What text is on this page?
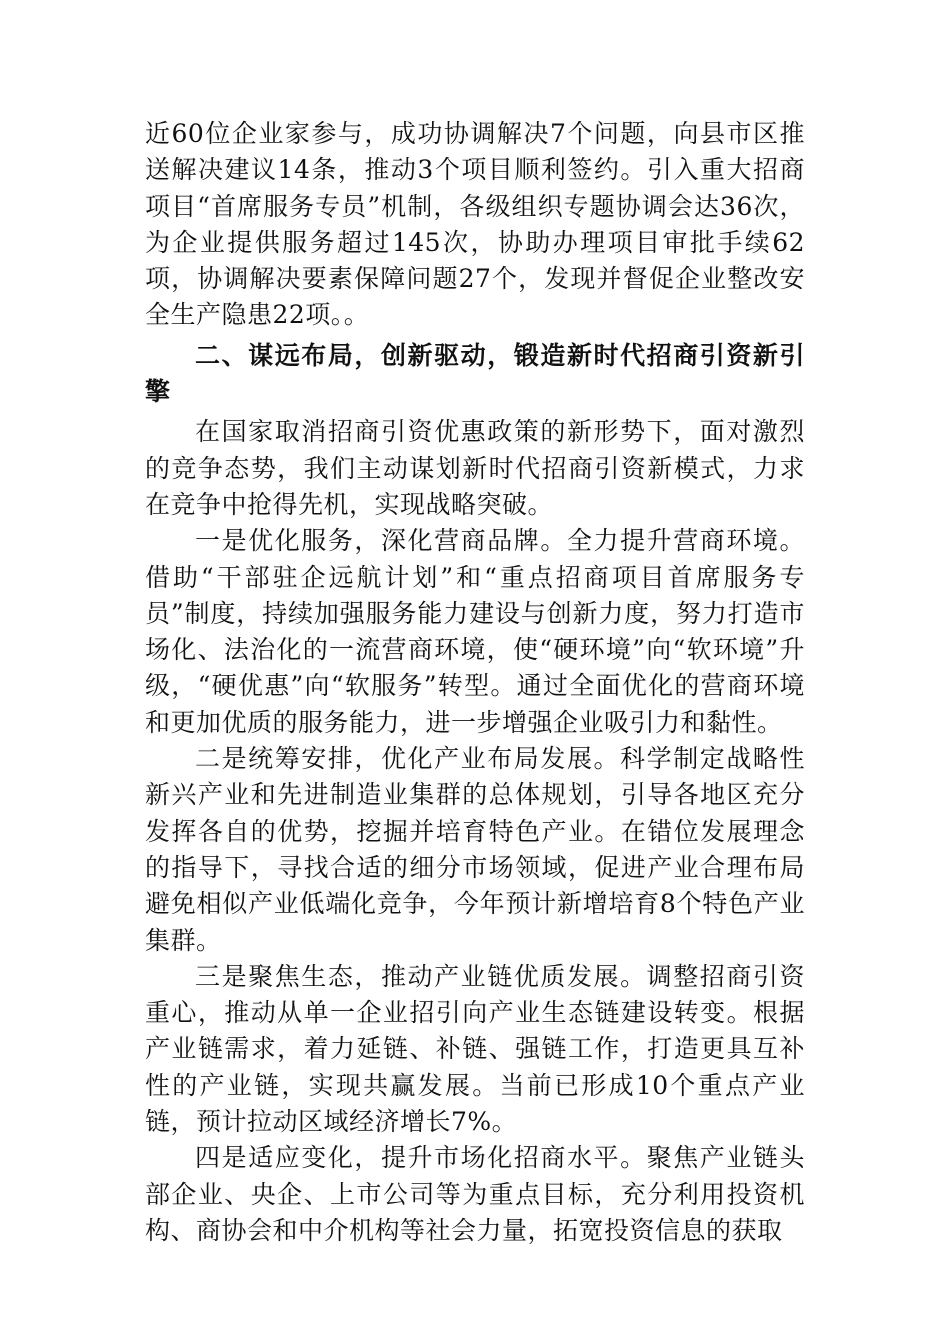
近60位企业家参与，成功协调解决7个问题，向县市区推送解决建议14条，推动3个项目顺利签约。引入重大招商项目“首席服务专员”机制，各级组织专题协调会达36次，为企业提供服务超过145次，协助办理项目审批手续62项，协调解决要素保障问题27个，发现并督促企业整改安全生产隐患22项。。

二、谋远布局，创新驱动，锻造新时代招商引资新引擎

在国家取消招商引资优惠政策的新形势下，面对激烈的竞争态势，我们主动谋划新时代招商引资新模式，力求在竞争中抢得先机，实现战略突破。

一是优化服务，深化营商品牌。全力提升营商环境。借助“干部驻企远航计划”和“重点招商项目首席服务专员”制度，持续加强服务能力建设与创新力度，努力打造市场化、法治化的一流营商环境，使“硬环境”向“软环境”升级，“硬优惠”向“软服务”转型。通过全面优化的营商环境和更加优质的服务能力，进一步增强企业吸引力和黏性。

二是统筹安排，优化产业布局发展。科学制定战略性新兴产业和先进制造业集群的总体规划，引导各地区充分发挥各自的优势，挖掘并培育特色产业。在错位发展理念的指导下，寻找合适的细分市场领域，促进产业合理布局避免相似产业低端化竞争，今年预计新增培育8个特色产业集群。

三是聚焦生态，推动产业链优质发展。调整招商引资重心，推动从单一企业招引向产业生态链建设转变。根据产业链需求，着力延链、补链、强链工作，打造更具互补性的产业链，实现共赢发展。当前已形成10个重点产业链，预计拉动区域经济增长7%。

四是适应变化，提升市场化招商水平。聚焦产业链头部企业、央企、上市公司等为重点目标，充分利用投资机构、商协会和中介机构等社会力量，拓宽投资信息的获取
